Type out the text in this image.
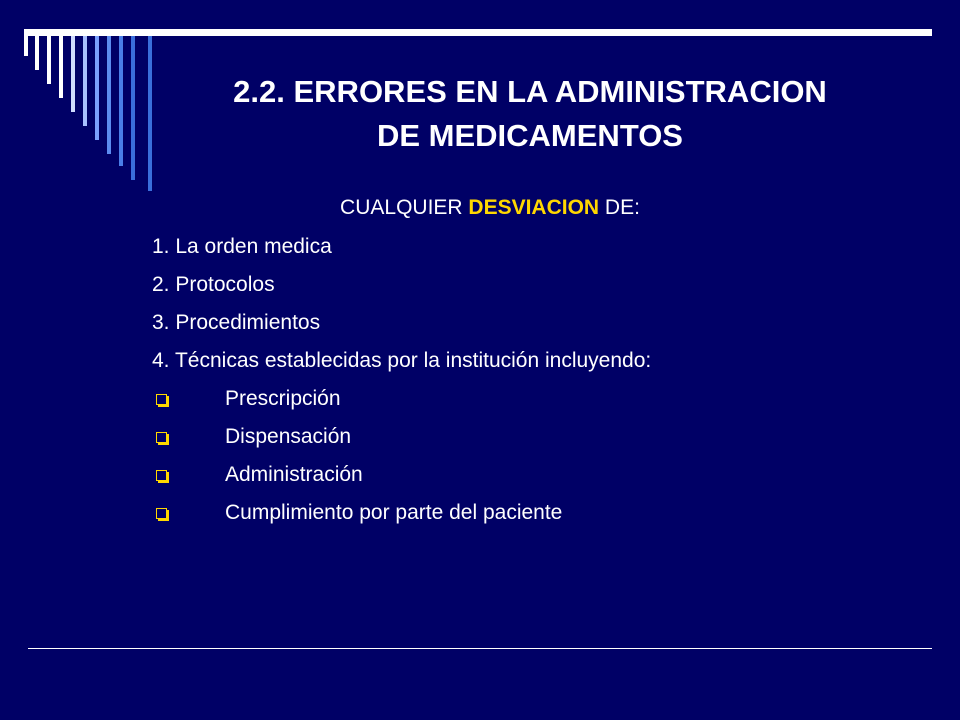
2.2. ERRORES EN LA ADMINISTRACION
DE MEDICAMENTOS
CUALQUIER DESVIACION DE:
1. La orden medica
2. Protocolos
3. Procedimientos
4. Técnicas establecidas por la institución incluyendo:
Prescripción
Dispensación
Administración
Cumplimiento por parte del paciente
